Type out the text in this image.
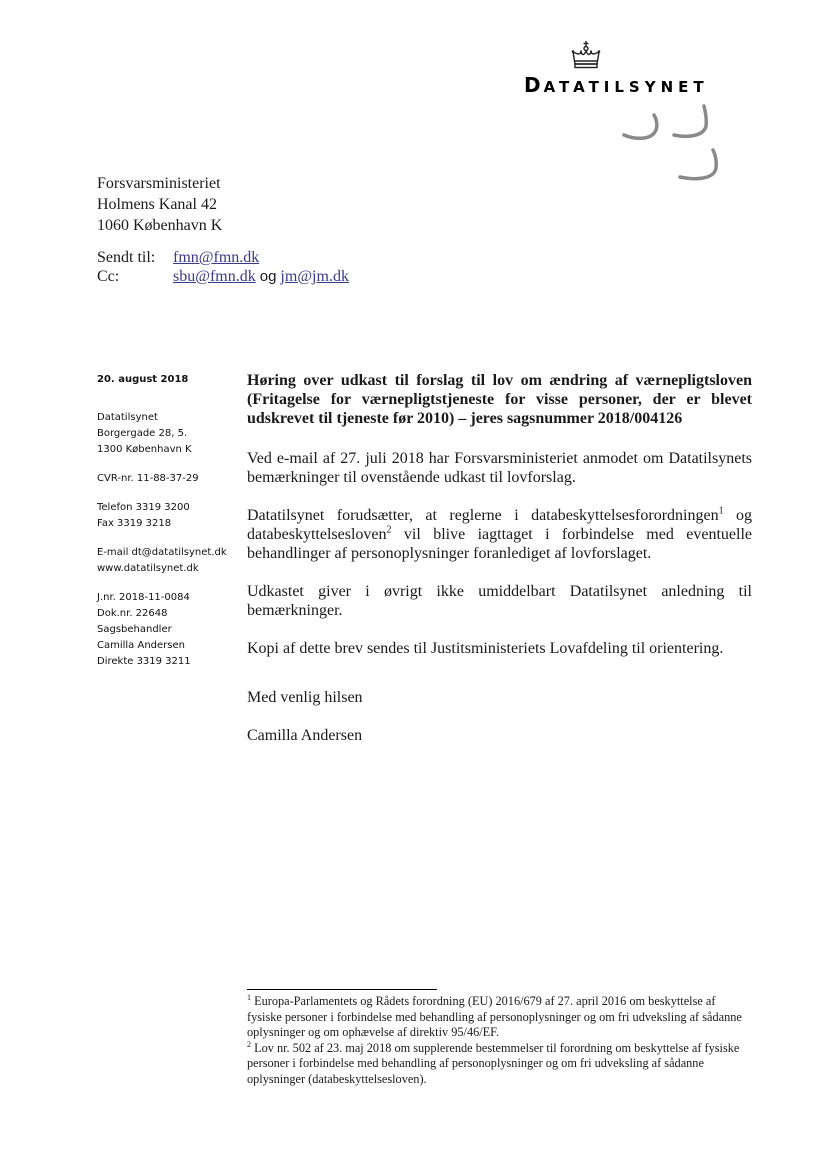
DATATILSYNET
Forsvarsministeriet
Holmens Kanal 42
1060 København K
Sendt til:	fmn@fmn.dk
Cc:	sbu@fmn.dk og jm@jm.dk
20. august 2018
Datatilsynet
Borgergade 28, 5.
1300 København K
CVR-nr. 11-88-37-29
Telefon 3319 3200
Fax 3319 3218
E-mail dt@datatilsynet.dk
www.datatilsynet.dk
J.nr. 2018-11-0084
Dok.nr. 22648
Sagsbehandler
Camilla Andersen
Direkte 3319 3211

Høring over udkast til forslag til lov om ændring af værnepligtsloven (Fritagelse for værnepligtstjeneste for visse personer, der er blevet udskrevet til tjeneste før 2010) – jeres sagsnummer 2018/004126

Ved e-mail af 27. juli 2018 har Forsvarsministeriet anmodet om Datatilsynets bemærkninger til ovenstående udkast til lovforslag.

Datatilsynet forudsætter, at reglerne i databeskyttelsesforordningen$^1$ og databeskyttelsesloven$^2$ vil blive iagttaget i forbindelse med eventuelle behandlinger af personoplysninger foranlediget af lovforslaget.

Udkastet giver i øvrigt ikke umiddelbart Datatilsynet anledning til bemærkninger.

Kopi af dette brev sendes til Justitsministeriets Lovafdeling til orientering.

Med venlig hilsen

Camilla Andersen

$^1$ Europa-Parlamentets og Rådets forordning (EU) 2016/679 af 27. april 2016 om beskyttelse af fysiske personer i forbindelse med behandling af personoplysninger og om fri udveksling af sådanne oplysninger og om ophævelse af direktiv 95/46/EF.

$^2$ Lov nr. 502 af 23. maj 2018 om supplerende bestemmelser til forordning om beskyttelse af fysiske personer i forbindelse med behandling af personoplysninger og om fri udveksling af sådanne oplysninger (databeskyttelsesloven).
